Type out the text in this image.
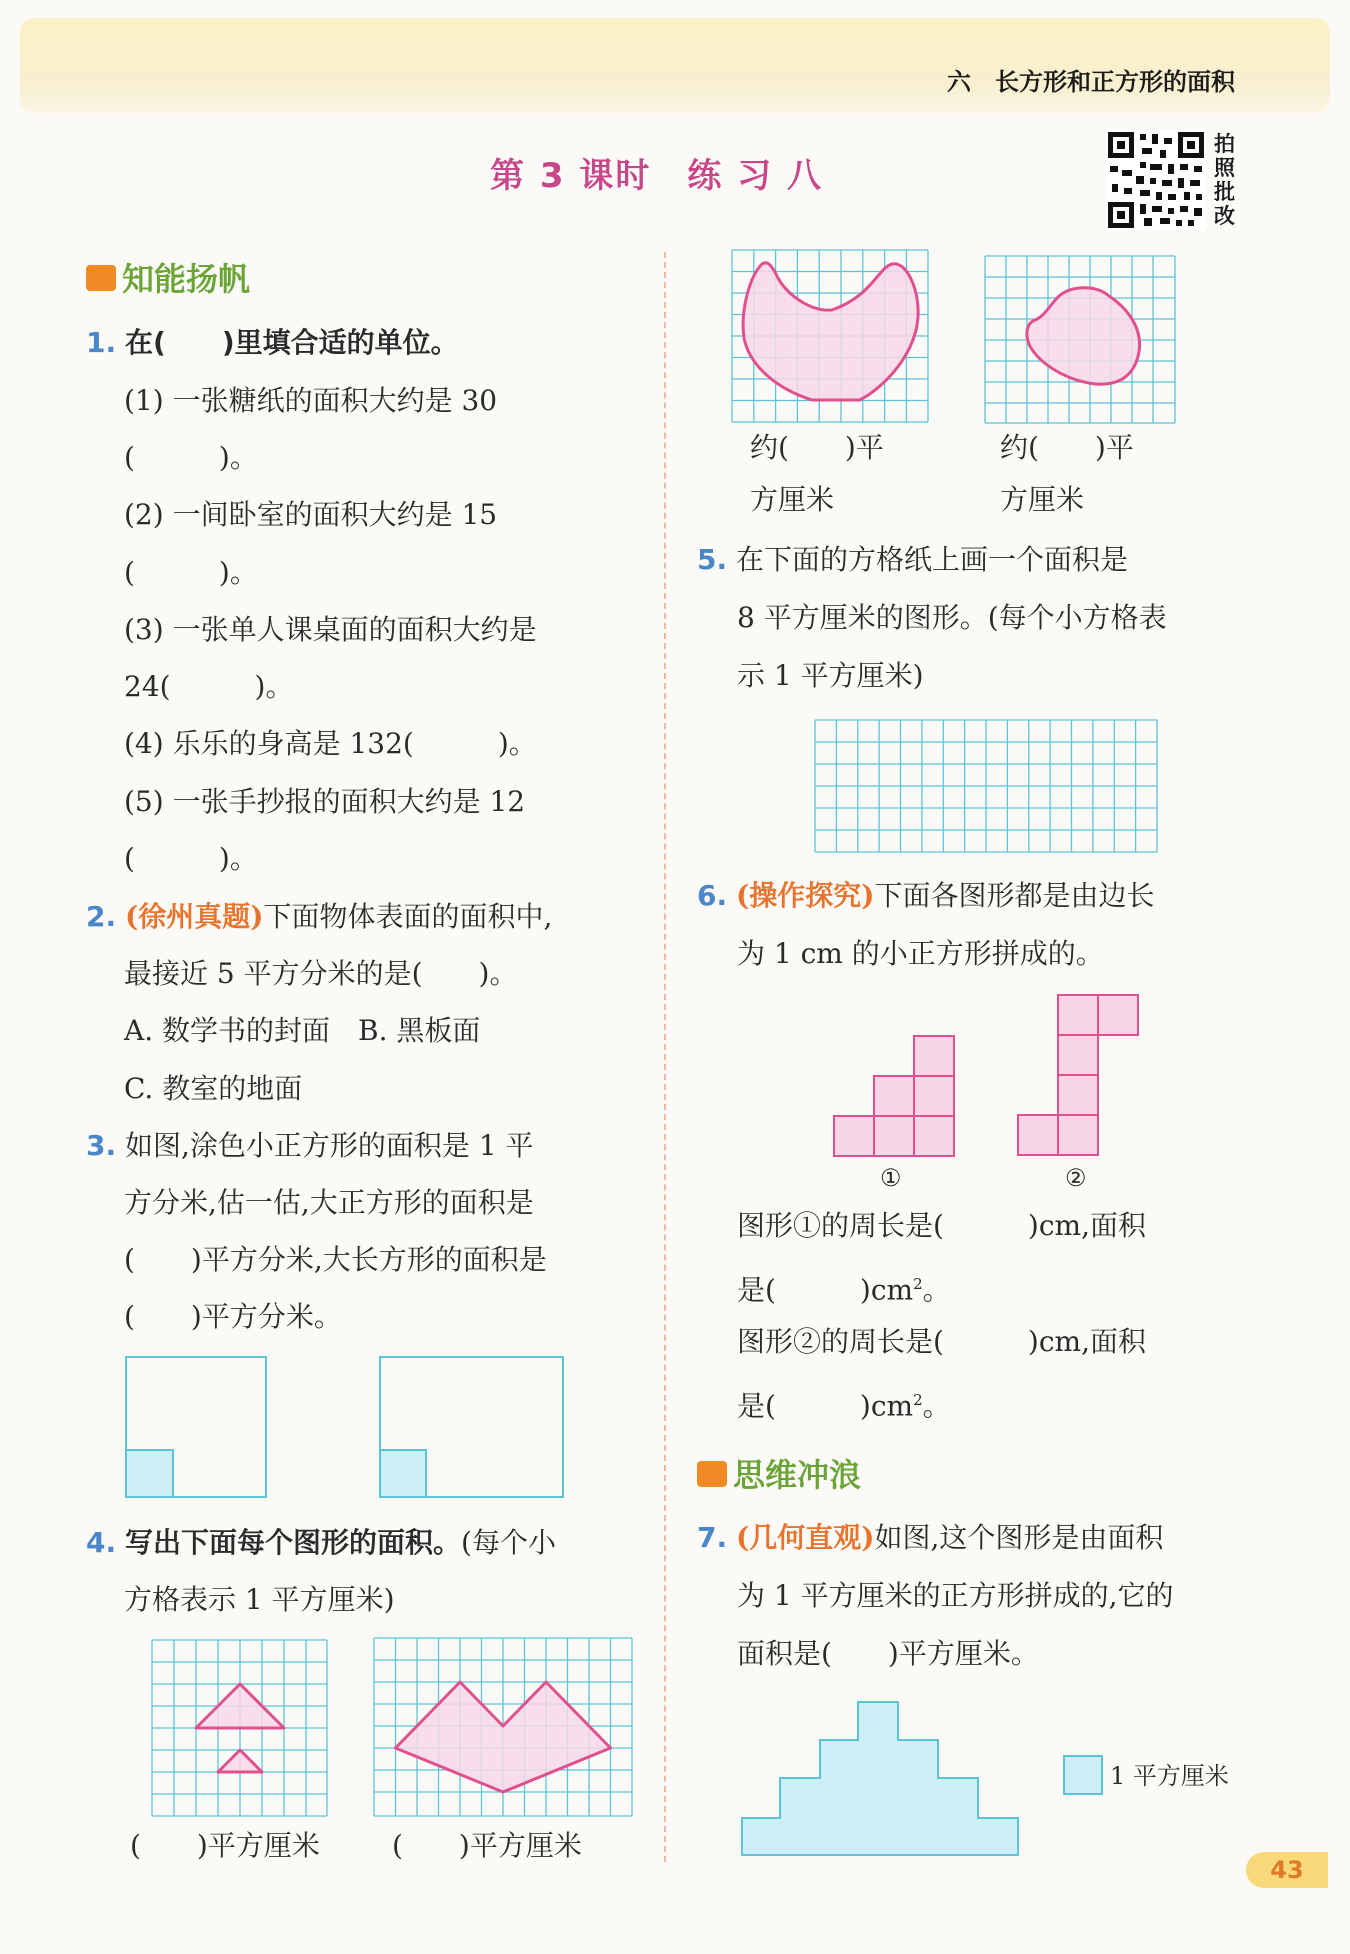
六　长方形和正方形的面积
第 3 课时　练 习 八
拍照批改
知能扬帆
1. 在(　　)里填合适的单位。
(1) 一张糖纸的面积大约是 30
(　　　)。
(2) 一间卧室的面积大约是 15
(　　　)。
(3) 一张单人课桌面的面积大约是
24(　　　)。
(4) 乐乐的身高是 132(　　　)。
(5) 一张手抄报的面积大约是 12
(　　　)。
2. (徐州真题)下面物体表面的面积中,
最接近 5 平方分米的是(　　)。
A. 数学书的封面　B. 黑板面
C. 教室的地面
3. 如图,涂色小正方形的面积是 1 平
方分米,估一估,大正方形的面积是
(　　)平方分米,大长方形的面积是
(　　)平方分米。
4. 写出下面每个图形的面积。(每个小
方格表示 1 平方厘米)
(　　)平方厘米	(　　)平方厘米
约(　　)平
方厘米
约(　　)平
方厘米
5. 在下面的方格纸上画一个面积是
8 平方厘米的图形。(每个小方格表
示 1 平方厘米)
6. (操作探究)下面各图形都是由边长
为 1 cm 的小正方形拼成的。
①	②
图形①的周长是(　　　)cm,面积
是(　　　)$cm^2$。
图形②的周长是(　　　)cm,面积
是(　　　)$cm^2$。
思维冲浪
7. (几何直观)如图,这个图形是由面积
为 1 平方厘米的正方形拼成的,它的
面积是(　　)平方厘米。
1 平方厘米
43
